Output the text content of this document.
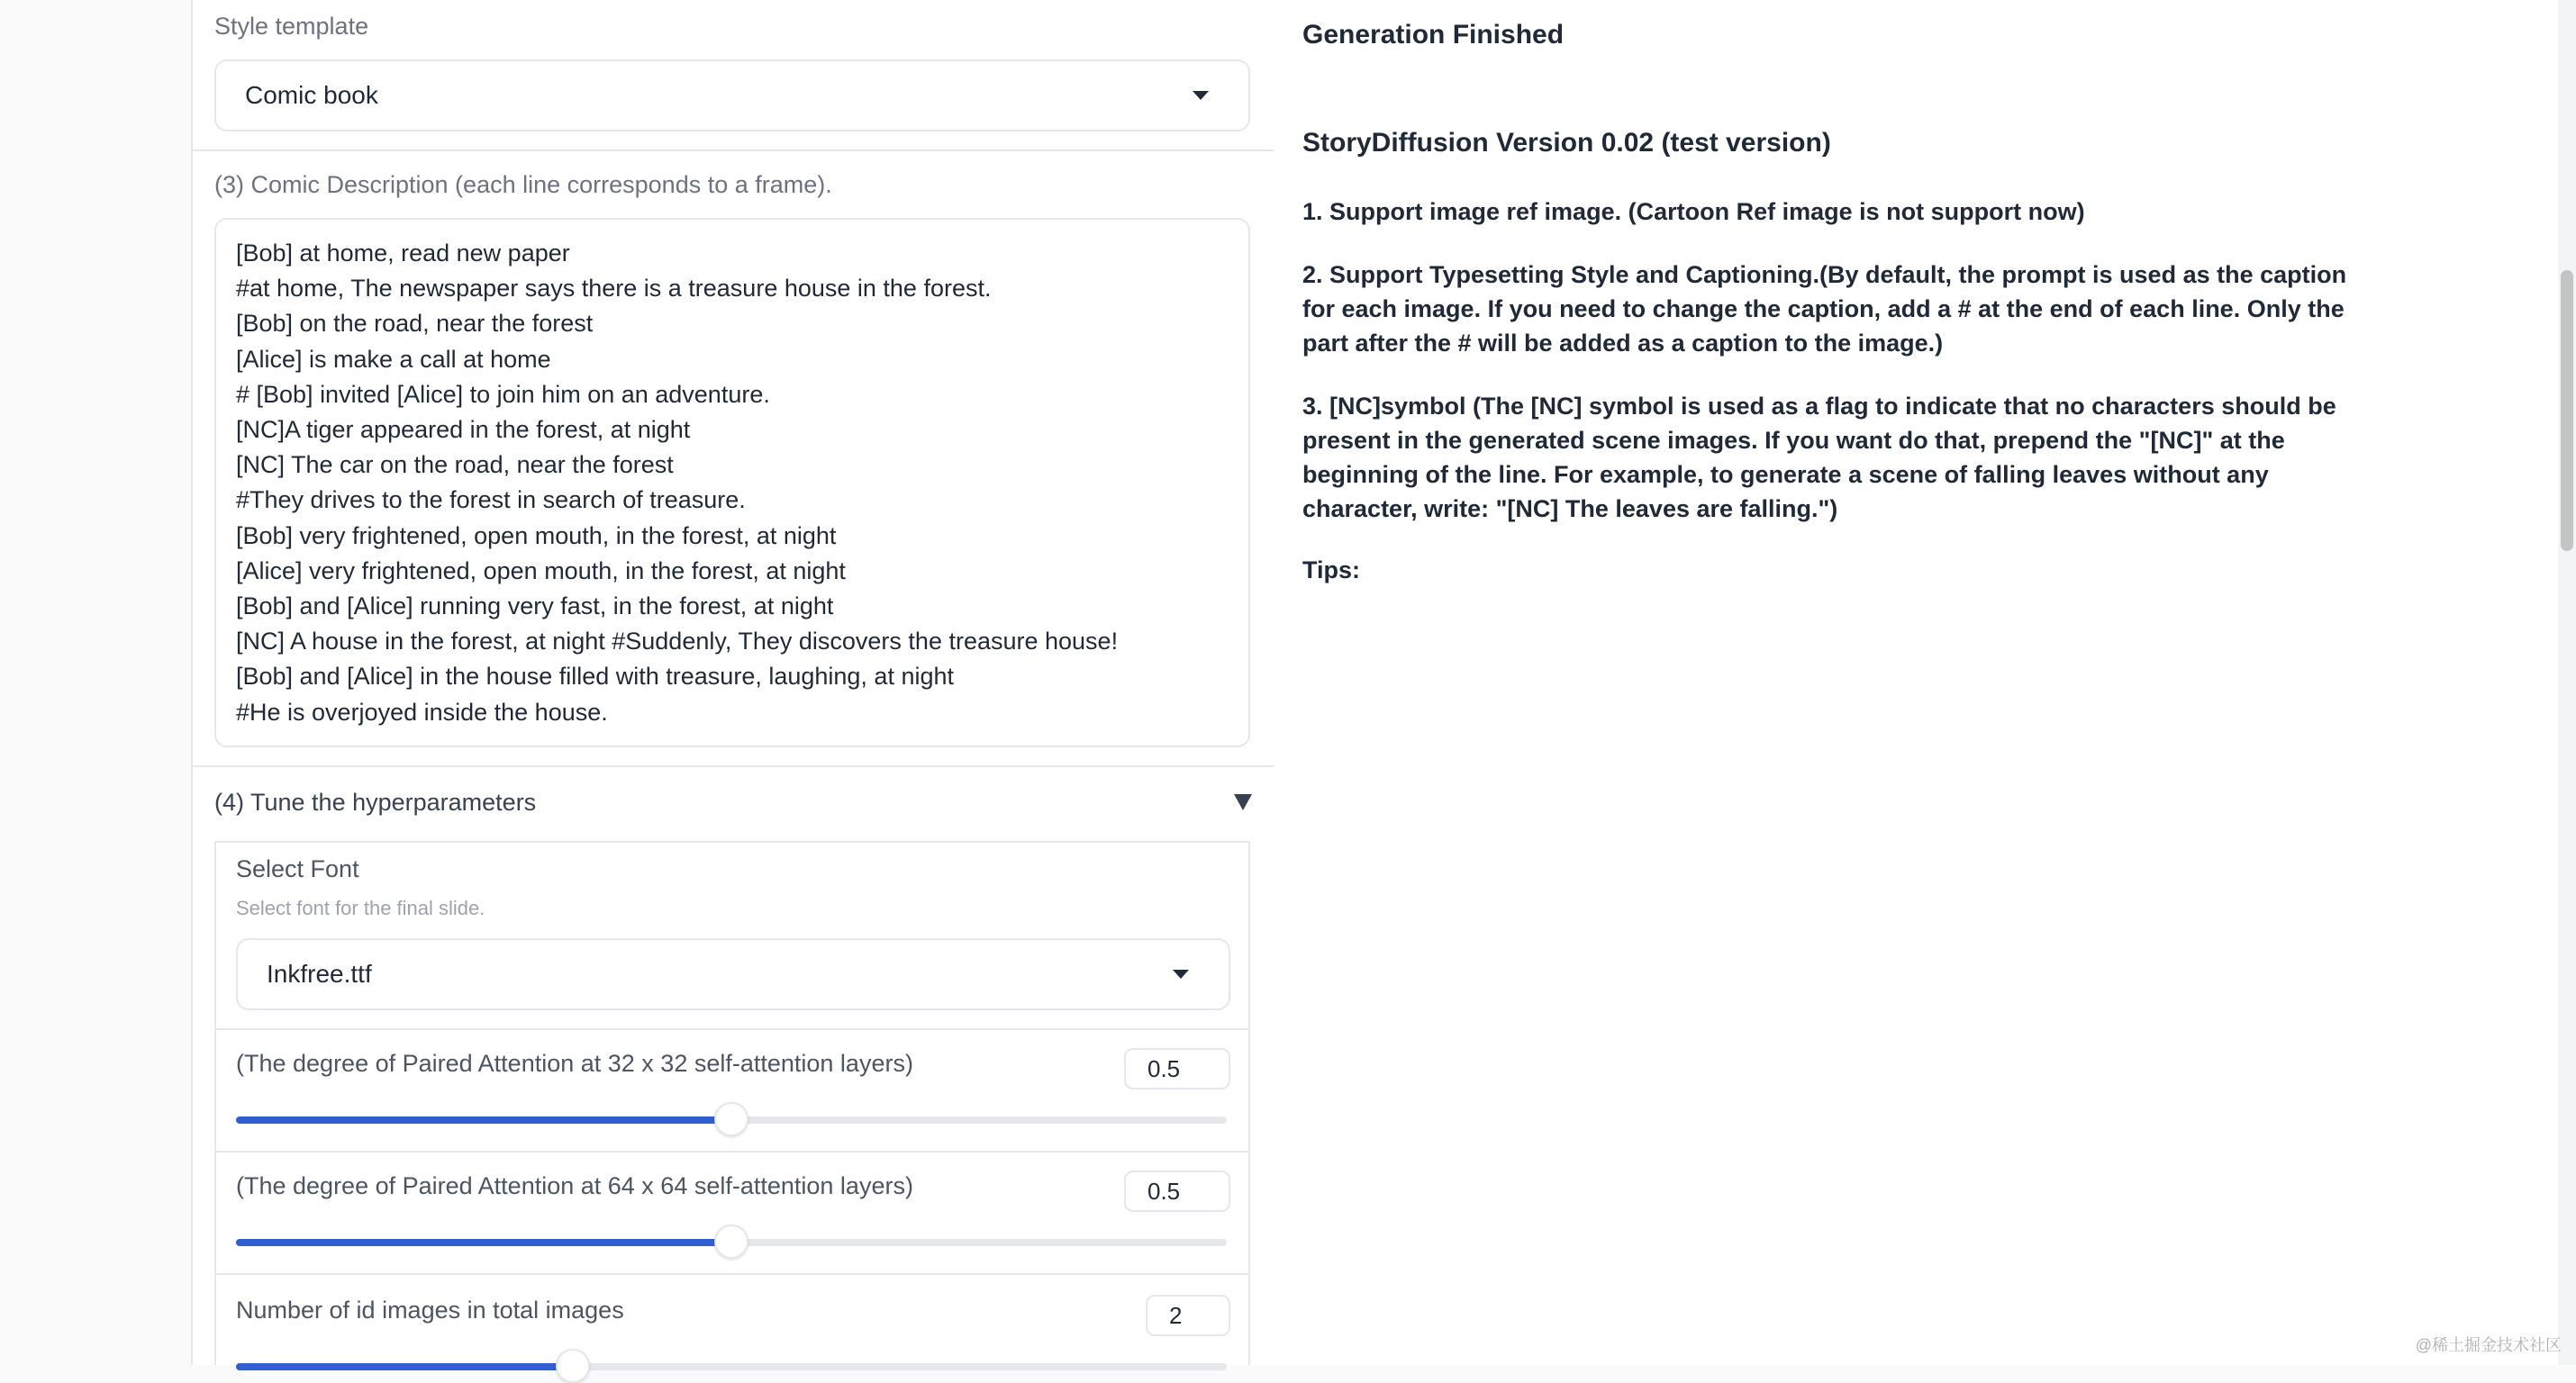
Style template
Comic book
(3) Comic Description (each line corresponds to a frame).
[Bob] at home, read new paper
#at home, The newspaper says there is a treasure house in the forest.
[Bob] on the road, near the forest
[Alice] is make a call at home
# [Bob] invited [Alice] to join him on an adventure.
[NC]A tiger appeared in the forest, at night
[NC] The car on the road, near the forest
#They drives to the forest in search of treasure.
[Bob] very frightened, open mouth, in the forest, at night
[Alice] very frightened, open mouth, in the forest, at night
[Bob] and [Alice] running very fast, in the forest, at night
[NC] A house in the forest, at night #Suddenly, They discovers the treasure house!
[Bob] and [Alice] in the house filled with treasure, laughing, at night
#He is overjoyed inside the house.
(4) Tune the hyperparameters
Select Font
Select font for the final slide.
Inkfree.ttf
(The degree of Paired Attention at 32 x 32 self-attention layers)	0.5
(The degree of Paired Attention at 64 x 64 self-attention layers)	0.5
Number of id images in total images	2
Generation Finished
StoryDiffusion Version 0.02 (test version)
1. Support image ref image. (Cartoon Ref image is not support now)
2. Support Typesetting Style and Captioning.(By default, the prompt is used as the caption for each image. If you need to change the caption, add a # at the end of each line. Only the part after the # will be added as a caption to the image.)
3. [NC]symbol (The [NC] symbol is used as a flag to indicate that no characters should be present in the generated scene images. If you want do that, prepend the "[NC]" at the beginning of the line. For example, to generate a scene of falling leaves without any character, write: "[NC] The leaves are falling.")
Tips:
@稀土掘金技术社区
